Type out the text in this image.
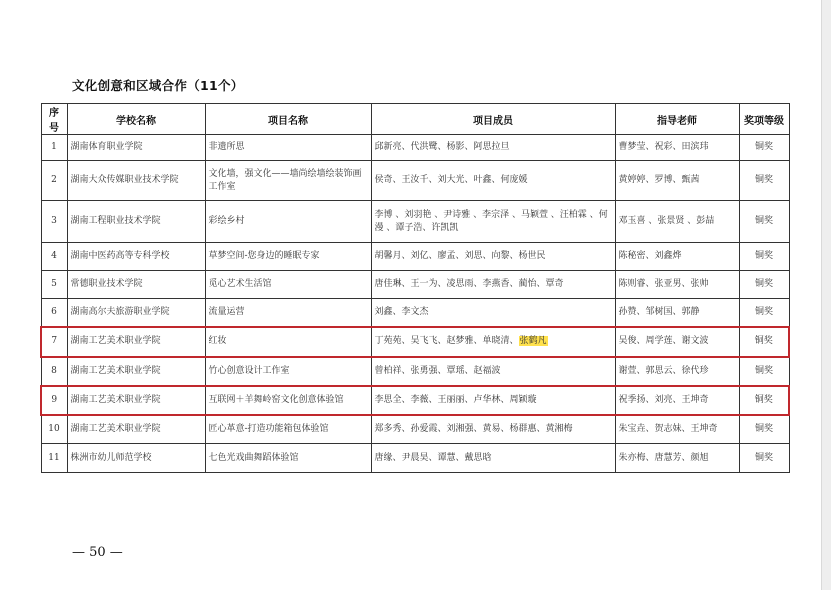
文化创意和区域合作（11个）
序号	学校名称	项目名称	项目成员	指导老师	奖项等级
1	湖南体育职业学院	非遗所思	邱新亮、代洪鹭、杨影、阿思拉旦	曹梦莹、祝彩、田滨玮	铜奖
2	湖南大众传媒职业技术学院	文化墙，强文化——墙尚绘墙绘装饰画工作室	侯奇、王汝千、刘大光、叶鑫、何庞媛	黄婷婷、罗博、甄茜	铜奖
3	湖南工程职业技术学院	彩绘乡村	李博 、刘羽艳 、尹诗雅 、李宗泽 、马颖萱 、汪柏霖 、何漫 、谭子浩、许凯凯	邓玉喜 、张景贤 、彭喆	铜奖
4	湖南中医药高等专科学校	草梦空间-您身边的睡眠专家	胡馨月、刘亿、廖孟、刘思、向黎、杨世民	陈秘密、刘鑫烨	铜奖
5	常德职业技术学院	觅心艺术生活馆	唐佳琳、王一为、凌思雨、李燕香、蔺怡、覃奇	陈则睿、张亚男、张帅	铜奖
6	湖南高尔夫旅游职业学院	流量运营	刘鑫、李文杰	孙赞、邹树国、郭静	铜奖
7	湖南工艺美术职业学院	红妆	丁苑苑、吴飞飞、赵梦雅、单晓清、张鹤凡	吴俊、周学莲、谢文波	铜奖
8	湖南工艺美术职业学院	竹心创意设计工作室	曾柏祥、张勇强、覃瑶、赵福波	谢萱、郭思云、徐代珍	铜奖
9	湖南工艺美术职业学院	互联网＋羊舞岭窑文化创意体验馆	李思全、李薇、王丽丽、卢华林、周颖璇	祝季扬、刘亮、王坤奇	铜奖
10	湖南工艺美术职业学院	匠心革意-打造功能箱包体验馆	郑多秀、孙爱霞、刘湘强、黄易、杨群惠、黄湘梅	朱宝垚、贺志妹、王坤奇	铜奖
11	株洲市幼儿师范学校	七色光戏曲舞蹈体验馆	唐缘、尹晨昊、谭慧、戴思晗	朱亦梅、唐慧芳、颜旭	铜奖
— 50 —
